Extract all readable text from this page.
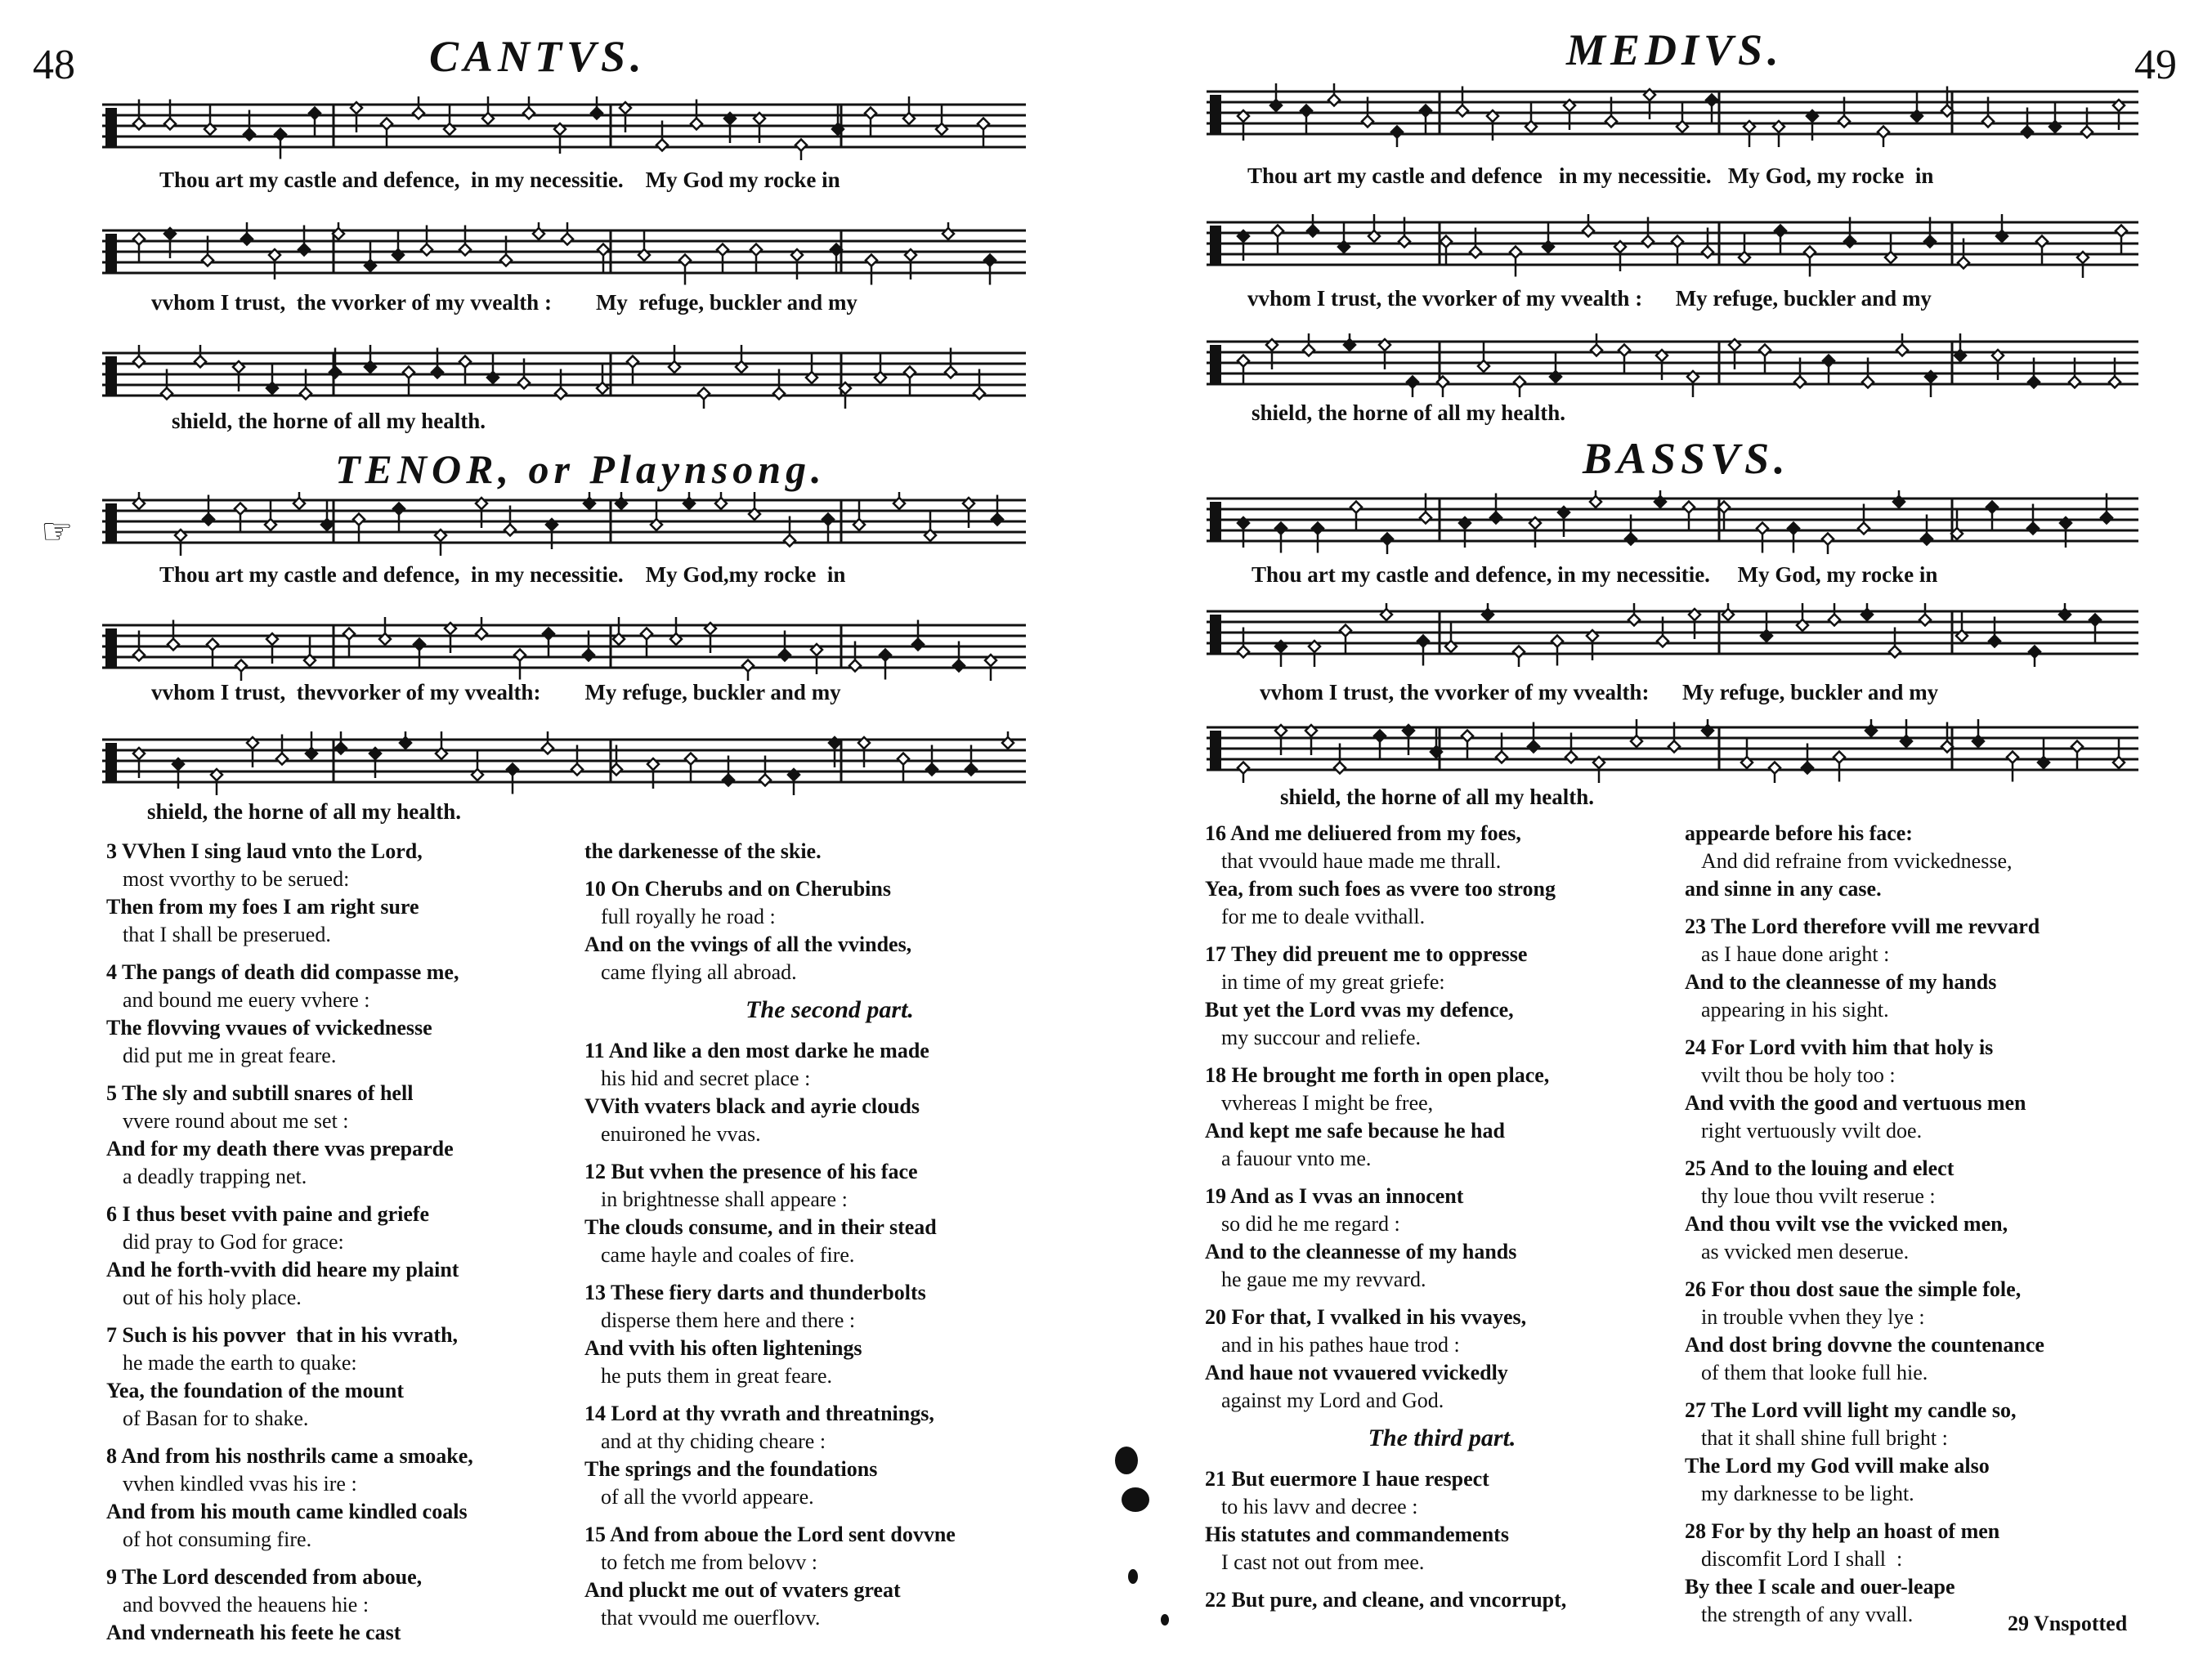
48	CANTVS.
Thou art my castle and defence,  in my necessitie.    My God my rocke in
vvhom I trust,  the vvorker of my vvealth :        My  refuge, buckler and my
shield, the horne of all my health.
TENOR, or Playnsong.
☞
Thou art my castle and defence,  in my necessitie.    My God,my rocke  in
vvhom I trust,  thevvorker of my vvealth:        My refuge, buckler and my
shield, the horne of all my health.
3 VVhen I sing laud vnto the Lord,
most vvorthy to be serued:
Then from my foes I am right sure
that I shall be preserued.
4 The pangs of death did compasse me,
and bound me euery vvhere :
The flovving vvaues of vvickednesse
did put me in great feare.
5 The sly and subtill snares of hell
vvere round about me set :
And for my death there vvas preparde
a deadly trapping net.
6 I thus beset vvith paine and griefe
did pray to God for grace:
And he forth-vvith did heare my plaint
out of his holy place.
7 Such is his povver  that in his vvrath,
he made the earth to quake:
Yea, the foundation of the mount
of Basan for to shake.
8 And from his nosthrils came a smoake,
vvhen kindled vvas his ire :
And from his mouth came kindled coals
of hot consuming fire.
9 The Lord descended from aboue,
and bovved the heauens hie :
And vnderneath his feete he cast
the darkenesse of the skie.
10 On Cherubs and on Cherubins
full royally he road :
And on the vvings of all the vvindes,
came flying all abroad.
The second part.
11 And like a den most darke he made
his hid and secret place :
VVith vvaters black and ayrie clouds
enuironed he vvas.
12 But vvhen the presence of his face
in brightnesse shall appeare :
The clouds consume, and in their stead
came hayle and coales of fire.
13 These fiery darts and thunderbolts
disperse them here and there :
And vvith his often lightenings
he puts them in great feare.
14 Lord at thy vvrath and threatnings,
and at thy chiding cheare :
The springs and the foundations
of all the vvorld appeare.
15 And from aboue the Lord sent dovvne
to fetch me from belovv :
And pluckt me out of vvaters great
that vvould me ouerflovv.
49
MEDIVS.
Thou art my castle and defence   in my necessitie.   My God, my rocke  in
vvhom I trust, the vvorker of my vvealth :      My refuge, buckler and my
shield, the horne of all my health.
BASSVS.
Thou art my castle and defence, in my necessitie.     My God, my rocke in
vvhom I trust, the vvorker of my vvealth:      My refuge, buckler and my
shield, the horne of all my health.
16 And me deliuered from my foes,
that vvould haue made me thrall.
Yea, from such foes as vvere too strong
for me to deale vvithall.
17 They did preuent me to oppresse
in time of my great griefe:
But yet the Lord vvas my defence,
my succour and reliefe.
18 He brought me forth in open place,
vvhereas I might be free,
And kept me safe because he had
a fauour vnto me.
19 And as I vvas an innocent
so did he me regard :
And to the cleannesse of my hands
he gaue me my revvard.
20 For that, I vvalked in his vvayes,
and in his pathes haue trod :
And haue not vvauered vvickedly
against my Lord and God.
The third part.
21 But euermore I haue respect
to his lavv and decree :
His statutes and commandements
I cast not out from mee.
22 But pure, and cleane, and vncorrupt,
appearde before his face:
And did refraine from vvickednesse,
and sinne in any case.
23 The Lord therefore vvill me revvard
as I haue done aright :
And to the cleannesse of my hands
appearing in his sight.
24 For Lord vvith him that holy is
vvilt thou be holy too :
And vvith the good and vertuous men
right vertuously vvilt doe.
25 And to the louing and elect
thy loue thou vvilt reserue :
And thou vvilt vse the vvicked men,
as vvicked men deserue.
26 For thou dost saue the simple fole,
in trouble vvhen they lye :
And dost bring dovvne the countenance
of them that looke full hie.
27 The Lord vvill light my candle so,
that it shall shine full bright :
The Lord my God vvill make also
my darknesse to be light.
28 For by thy help an hoast of men
discomfit Lord I shall  :
By thee I scale and ouer-leape
the strength of any vvall.	29 Vnspotted
